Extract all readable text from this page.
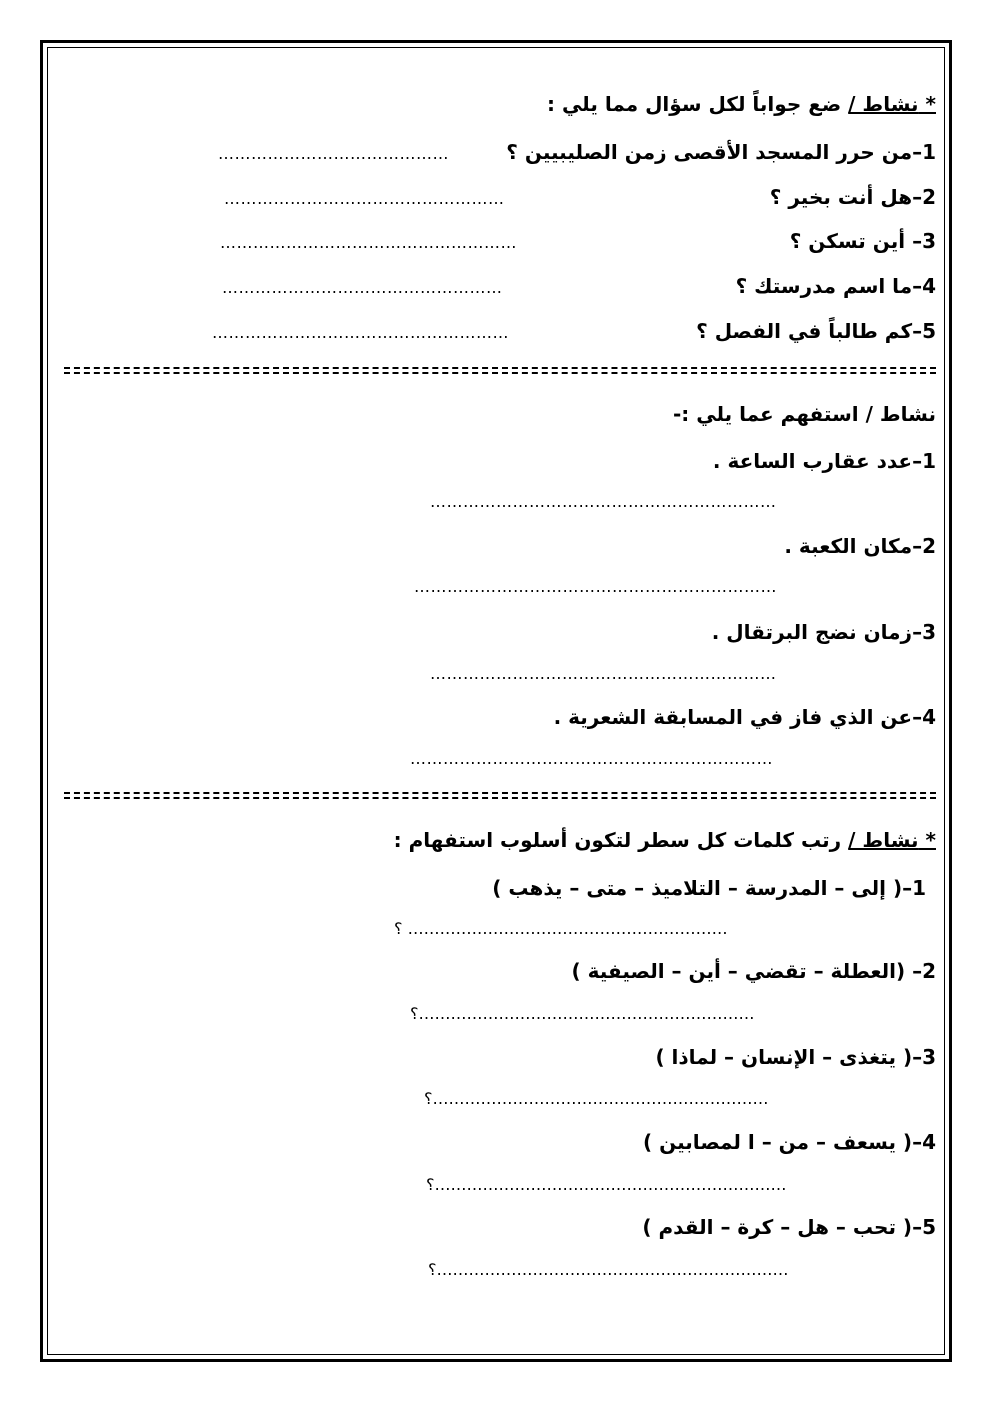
* نشاط / ضع جواباً لكل سؤال مما يلي :
1–من حرر المسجد الأقصى زمن الصليبيين ؟
……………………………………
2–هل أنت بخير ؟
……………………………………………
3– أين تسكن ؟
………………………………………………
4–ما اسم مدرستك ؟
……………………………………………
5–كم طالباً في الفصل ؟
………………………………………………
نشاط / استفهم عما يلي :-
1–عدد عقارب الساعة .
………………………………………………………
2–مكان الكعبة .
…………………………………………………………
3–زمان نضج البرتقال .
………………………………………………………
4–عن الذي فاز في المسابقة الشعرية .
…………………………………………………………
* نشاط / رتب كلمات كل سطر لتكون أسلوب استفهام :
1–( إلى – المدرسة – التلاميذ – متى – يذهب )
؟ ……………………………………………………
2– (العطلة – تقضي – أين – الصيفية )
؟………………………………………………………
3–( يتغذى – الإنسان – لماذا )
؟………………………………………………………
4–( يسعف – من – ا لمصابين )
؟…………………………………………………………
5–( تحب – هل – كرة – القدم )
؟…………………………………………………………
